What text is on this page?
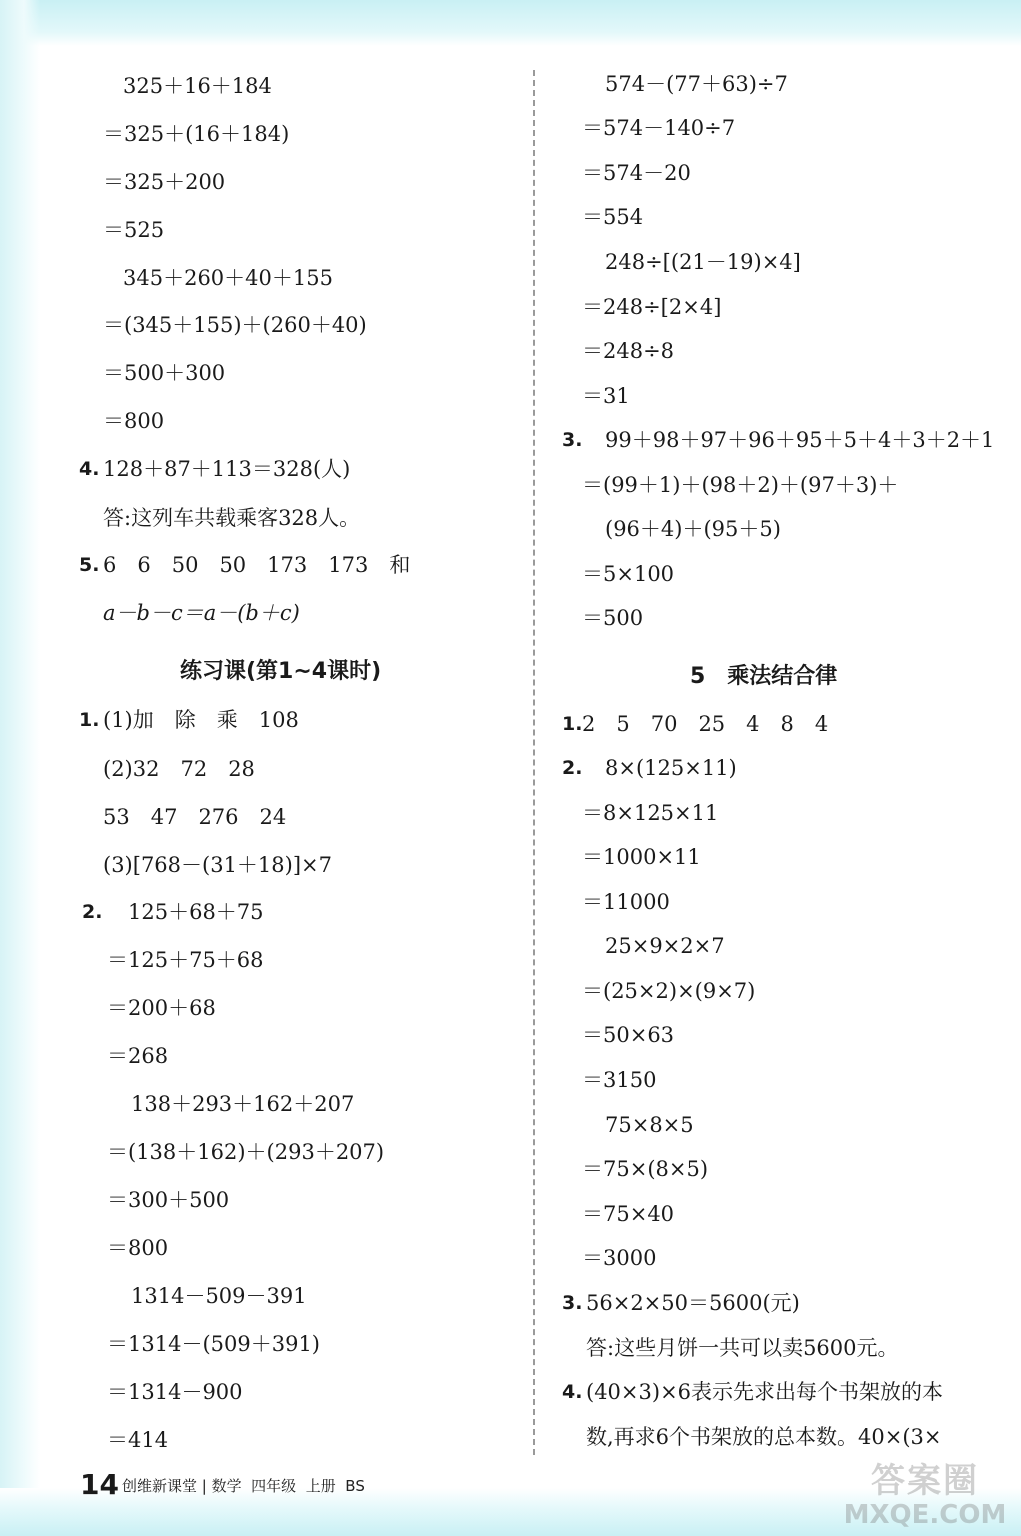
325＋16＋184
＝325＋(16＋184)
＝325＋200
＝525
345＋260＋40＋155
＝(345＋155)＋(260＋40)
＝500＋300
＝800
4. 128＋87＋113＝328(人)
答:这列车共载乘客328人。
5. 6　6　50　50　173　173　和
a－b－c＝a－(b＋c)
练习课(第1~4课时)
1. (1)加　除　乘　108
(2)32　72　28
53　47　276　24
(3)[768－(31＋18)]×7
2. 125＋68＋75
＝125＋75＋68
＝200＋68
＝268
138＋293＋162＋207
＝(138＋162)＋(293＋207)
＝300＋500
＝800
1314－509－391
＝1314－(509＋391)
＝1314－900
＝414
574－(77＋63)÷7
＝574－140÷7
＝574－20
＝554
248÷[(21－19)×4]
＝248÷[2×4]
＝248÷8
＝31
3. 99＋98＋97＋96＋95＋5＋4＋3＋2＋1
＝(99＋1)＋(98＋2)＋(97＋3)＋
(96＋4)＋(95＋5)
＝5×100
＝500
5　乘法结合律
1. 2　5　70　25　4　8　4
2. 8×(125×11)
＝8×125×11
＝1000×11
＝11000
25×9×2×7
＝(25×2)×(9×7)
＝50×63
＝3150
75×8×5
＝75×(8×5)
＝75×40
＝3000
3. 56×2×50＝5600(元)
答:这些月饼一共可以卖5600元。
4. (40×3)×6表示先求出每个书架放的本
数,再求6个书架放的总本数。40×(3×
14 创维新课堂 | 数学 四年级 上册 BS	答案圈
MXQE.COM
